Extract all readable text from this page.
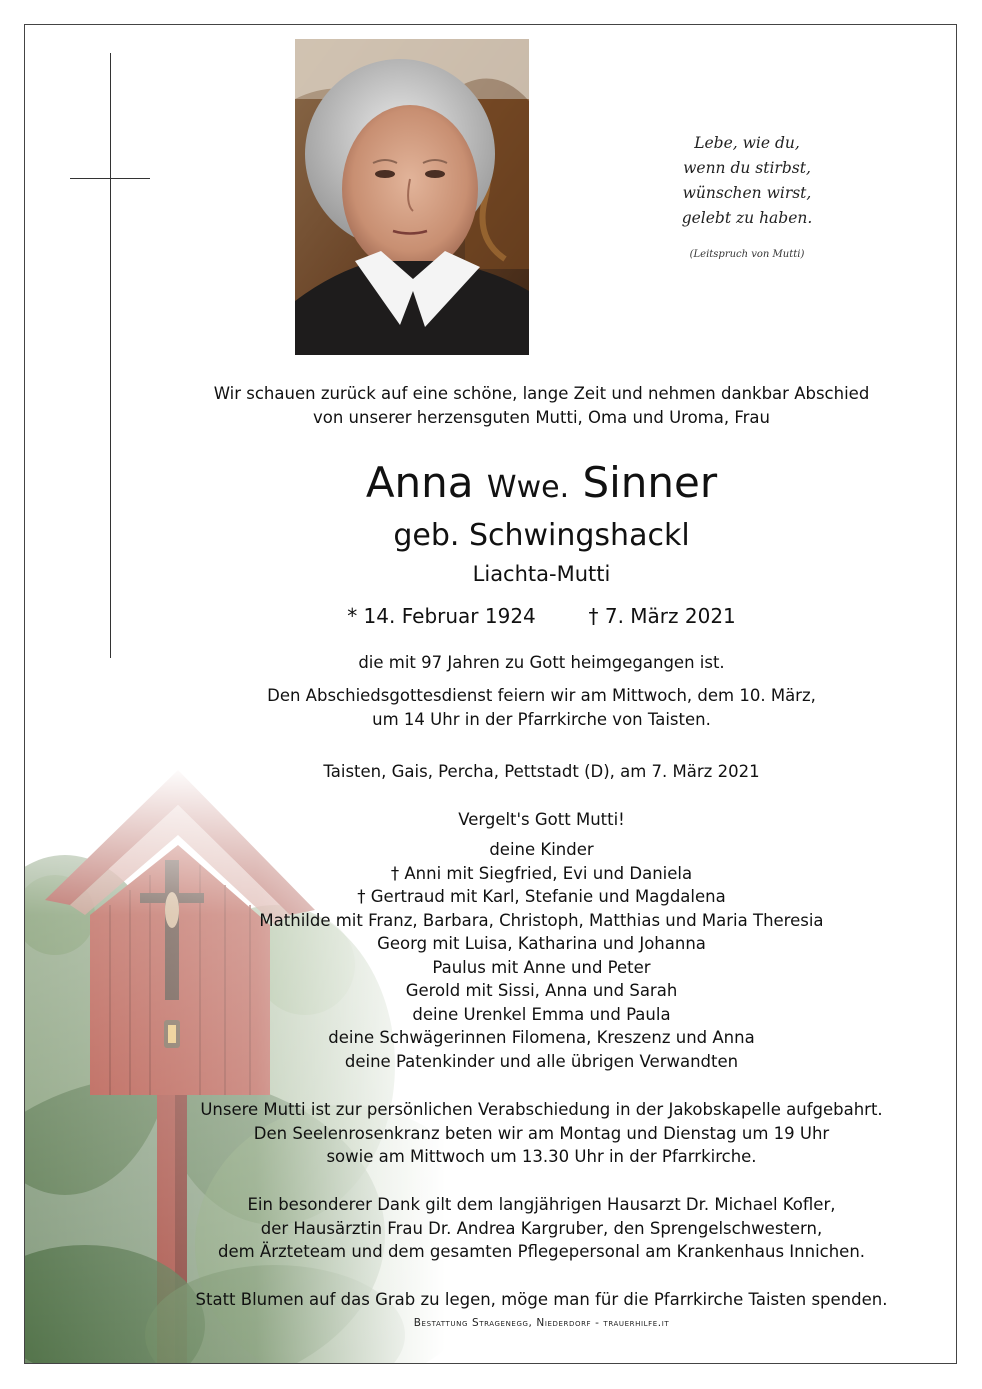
Lebe, wie du,
wenn du stirbst,
wünschen wirst,
gelebt zu haben.
(Leitspruch von Mutti)
Wir schauen zurück auf eine schöne, lange Zeit und nehmen dankbar Abschied
von unserer herzensguten Mutti, Oma und Uroma, Frau
Anna Wwe. Sinner
geb. Schwingshackl
Liachta-Mutti
* 14. Februar 1924	† 7. März 2021
die mit 97 Jahren zu Gott heimgegangen ist.
Den Abschiedsgottesdienst feiern wir am Mittwoch, dem 10. März,
um 14 Uhr in der Pfarrkirche von Taisten.
Taisten, Gais, Percha, Pettstadt (D), am 7. März 2021
Vergelt's Gott Mutti!
deine Kinder
† Anni mit Siegfried, Evi und Daniela
† Gertraud mit Karl, Stefanie und Magdalena
Mathilde mit Franz, Barbara, Christoph, Matthias und Maria Theresia
Georg mit Luisa, Katharina und Johanna
Paulus mit Anne und Peter
Gerold mit Sissi, Anna und Sarah
deine Urenkel Emma und Paula
deine Schwägerinnen Filomena, Kreszenz und Anna
deine Patenkinder und alle übrigen Verwandten
Unsere Mutti ist zur persönlichen Verabschiedung in der Jakobskapelle aufgebahrt.
Den Seelenrosenkranz beten wir am Montag und Dienstag um 19 Uhr
sowie am Mittwoch um 13.30 Uhr in der Pfarrkirche.
Ein besonderer Dank gilt dem langjährigen Hausarzt Dr. Michael Kofler,
der Hausärztin Frau Dr. Andrea Kargruber, den Sprengelschwestern,
dem Ärzteteam und dem gesamten Pflegepersonal am Krankenhaus Innichen.
Statt Blumen auf das Grab zu legen, möge man für die Pfarrkirche Taisten spenden.
Bestattung Stragenegg, Niederdorf - trauerhilfe.it
